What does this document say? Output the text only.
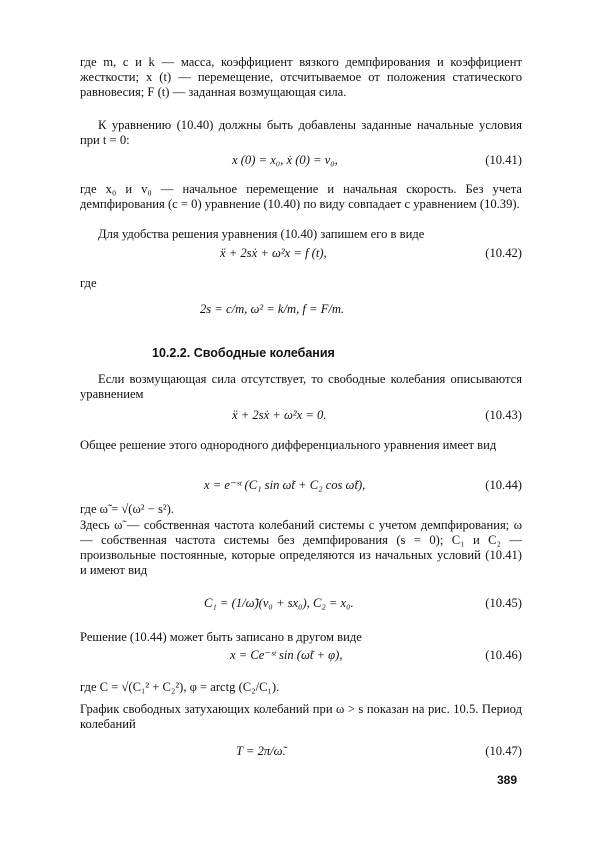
где m, c и k — масса, коэффициент вязкого демпфирования и коэффициент жесткости; x (t) — перемещение, отсчитываемое от положения статического равновесия; F (t) — заданная возмущающая сила.

К уравнению (10.40) должны быть добавлены заданные начальные условия при t = 0:

x (0) = x₀, ẋ (0) = v₀,	(10.41)

где x₀ и v₀ — начальное перемещение и начальная скорость. Без учета демпфирования (c = 0) уравнение (10.40) по виду совпадает с уравнением (10.39).

Для удобства решения уравнения (10.40) запишем его в виде

ẍ + 2sẋ + ω²x = f (t),	(10.42)

где

2s = c/m, ω² = k/m, f = F/m.
10.2.2. Свободные колебания

Если возмущающая сила отсутствует, то свободные колебания описываются уравнением

ẍ + 2sẋ + ω²x = 0.	(10.43)

Общее решение этого однородного дифференциального уравнения имеет вид

x = e⁻ˢᵗ (C₁ sin ω̃t + C₂ cos ω̃t),	(10.44)

где ω̃ = √(ω² − s²).

Здесь ω̃ — собственная частота колебаний системы с учетом демпфирования; ω — собственная частота системы без демпфирования (s = 0); C₁ и C₂ — произвольные постоянные, которые определяются из начальных условий (10.41) и имеют вид

C₁ = (1/ω̃)(v₀ + sx₀), C₂ = x₀.	(10.45)

Решение (10.44) может быть записано в другом виде

x = Ce⁻ˢᵗ sin (ω̃t + φ),	(10.46)

где C = √(C₁² + C₂²), φ = arctg (C₂/C₁).

График свободных затухающих колебаний при ω > s показан на рис. 10.5. Период колебаний

T = 2π/ω̃.	(10.47)
389
